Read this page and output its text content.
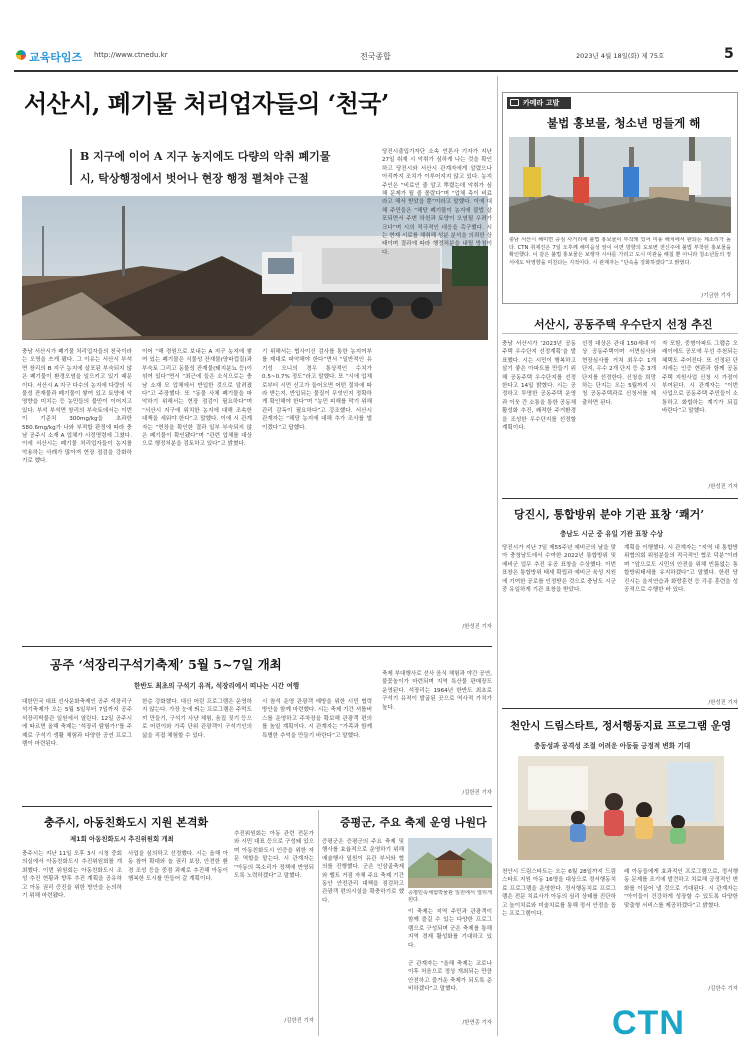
교육타임즈 http://www.ctnedu.kr	전국종합	2023년 4월 18일(화) 제 75호	5
서산시, 폐기물 처리업자들의 ‘천국’
B 지구에 이어 A 지구 농지에도 다량의 악취 폐기물
시, 탁상행정에서 벗어나 현장 행정 펼쳐야 근절
충남 서산시가 폐기물 처리업자들의 천국이라는 오명을 쓰게 됐다. 그 이유는 서산시 부석면 창리의 B 지구 농지에 살포된 부숙되지 않은 폐기물이 환경오염을 일으키고 있기 때문이다. 서산시 A 지구 다수의 농지에 다량의 식물성 잔재물과 폐기물이 쌓여 있고 토양에 악영향을 미치는 등 농민들의 불만이 이어지고 있다. 부석 부석면 창리의 부숙토에서는 이번이 기준치 300mg/kg을 초과한 580.6mg/kg가 나와 부적합 판정에 따라 충남 공주시 소재 A 업체가 시정명령에 그쳤다. 이에 서산시는 폐기물 처리업자들이 농지를 악용하는 사례가 많아져 현장 점검을 강화하기로 했다.
이어 “해 경원으로 보내는 A 지구 농지에 쌓여 있는 폐기물은 식물성 잔재물(양파껍질)과 부숙토 그리고 동물성 잔재물(돼지분뇨 등)이 섞여 있다”면서 “최근에 들은 소식으로는 충남 소재 모 업체에서 반입한 것으로 알려졌다”고 주장했다. 또 “동물 사체 폐기물을 파악하기 위해서는 현장 점검이 필요하다”며 “서산시 지구에 위치한 농지에 대해 조속한 대책을 세워야 한다”고 말했다. 이에 시 관계자는 “현장을 확인한 결과 일부 부숙되지 않은 폐기물이 확인됐다”며 “관련 업체를 대상으로 행정처분을 검토하고 있다”고 밝혔다.
기 위해서는 협사이신 검사를 통한 농지여부를 제대로 파악해야 한다”면서 “일반적인 유기성 오니의 경우 통상적인 수치가 0.5~0.7% 정도”라고 말했다. 또 “시에 업체로부터 시먼 신고가 들어오면 어떤 절차에 따라 받는지, 반입되는 물질이 무엇인지 정확하게 확인해야 한다”며 “농민 피해를 막기 위해 관리 감독이 필요하다”고 강조했다. 서산시 관계자는 “해당 농지에 대해 추가 조사를 벌이겠다”고 답했다.
당진시출입기자단 소속 언론사 기자가 지난 27일 취재 시 악취가 심하게 나는 것을 확인하고 당진시와 서산시 관계자에게 알렸으나 아직까지 조치가 이루어지지 않고 있다. 농지 주인은 “비료인 줄 알고 뿌렸는데 악취가 심해 문제가 될 줄 몰랐다”며 “업체 측이 비료라고 해서 받았을 뿐”이라고 말했다. 이에 대해 주민들은 “해당 폐기물이 농지에 불법 살포되면서 주변 하천과 토양이 오염될 우려가 크다”며 시의 적극적인 대응을 촉구했다. 시는 현재 시료를 채취해 성분 분석을 의뢰한 상태이며 결과에 따라 행정처분을 내릴 방침이다.
/한성진 기자
카메라 고발
불법 홍보물, 청소년 멍들게 해
충남 서산시 해미면 중심 사거리에 불법 홍보물이 부착돼 있어 미풍 해치에서 완되는 제소리가 높다. CTN 취재진은 7일 오후께 해미읍성 앞이 이면 방향의 도로변 전신주에 불법 부착된 홍보물을 확인했다. 이 같은 불법 홍보물은 보행자 시야를 가리고 도시 미관을 해칠 뿐 아니라 청소년들의 정서에도 악영향을 미친다는 지적이다. 시 관계자는 “단속을 강화하겠다”고 밝혔다.
/기금한 기자
서산시, 공동주택 우수단지 선정 추진
충남 서산시가 ‘2023년 공동주택 우수단지 선정계획’을 발표했다. 시는 시민이 행복하고 살기 좋은 아파트를 만들기 위해 공동주택 우수단지를 선정한다고 14일 밝혔다. 시는 공정하고 투명한 공동주택 운영과 이웃 간 소통을 통한 공동체 활성화 추진, 쾌적한 주거환경을 조성한 우수단지를 선정할 계획이다.
선정 대상은 관내 150세대 이상 공동주택이며 서면심사와 현장심사를 거쳐 최우수 1개 단지, 우수 2개 단지 등 총 3개 단지를 선정한다. 신청을 희망하는 단지는 오는 5월까지 시청 공동주택과로 신청서를 제출하면 된다.
자 포함, 중형아파트 그랩층 오래이에도 공모에 우선 추천되는 혜택도 주어진다. 또 선정된 단지에는 인증 현판과 함께 공동주택 지원사업 신청 시 가점이 부여된다. 시 관계자는 “이번 사업으로 공동주택 주민들이 소통하고 화합하는 계기가 되길 바란다”고 말했다.
/한성진 기자
당진시, 통합방위 분야 기관 표창 ‘쾌거’
충남도 시군 중 유일 기관 표창 수상
당진시가 지난 7일 제55주년 예비군의 날을 맞아 충청남도에서 수여한 2022년 통합방위 및 예비군 업무 추진 유공 표창을 수상했다. 이번 표창은 통합방위 태세 확립과 예비군 육성 지원에 기여한 공로를 인정받은 것으로 충남도 시군 중 유일하게 기관 표창을 받았다.
계획을 이행했다. 시 관계자는 “지역 내 통합방위협의회 위원분들의 적극적인 협조 덕분”이라며 “앞으로도 시민의 안전을 위해 빈틈없는 통합방위태세를 유지하겠다”고 말했다. 한편 당진시는 을지연습과 화랑훈련 등 각종 훈련을 성공적으로 수행한 바 있다.
/한성진 기자
공주 ‘석장리구석기축제’ 5월 5~7일 개최
한반도 최초의 구석기 유적, 석장리에서 떠나는 시간 여행
대한민국 대표 선사문화축제인 공주 석장리구석기축제가 오는 5월 5일부터 7일까지 공주석장리박물관 일원에서 열린다. 12일 공주시에 따르면 올해 축제는 ‘석장리 탐험가!’를 주제로 구석기 생활 체험과 다양한 공연 프로그램이 마련된다.
한층 강화했다. 대신 어린 프로그램은 운영하지 않는다. 가장 눈에 띄는 프로그램은 주먹도끼 만들기, 구석기 사냥 체험, 움집 짓기 등으로 어린이와 가족 단위 관광객이 구석기인의 삶을 직접 체험할 수 있다.
시 참석 운영 관광객 예방을 위한 시민 협력 방안을 함께 마련했다. 시는 축제 기간 셔틀버스를 운영하고 주차장을 확보해 관광객 편의를 높일 계획이다. 시 관계자는 “가족과 함께 특별한 추억을 만들기 바란다”고 말했다.
축제 부대행사로 선사 음식 체험과 야간 공연, 불꽃놀이가 마련되며 지역 특산물 판매장도 운영된다. 석장리는 1964년 한반도 최초로 구석기 유적이 발굴된 곳으로 역사적 가치가 높다.
/김한진 기자
천안시 드림스타트, 정서행동지료 프로그램 운영
충동성과 공격성 조절 어려운 아동들 긍정적 변화 기대
천안시 드림스타트는 오는 6월 28일까지 드림스타트 지원 아동 16명을 대상으로 정서행동치료 프로그램을 운영한다. 정서행동치료 프로그램은 전문 치료사가 아동의 심리 상태를 진단하고 놀이치료와 미술치료를 통해 정서 안정을 돕는 프로그램이다.
래 아동들에게 효과적인 프로그램으로, 정서행동 문제를 조기에 발견하고 치료해 긍정적인 변화를 이끌어 낼 것으로 기대된다. 시 관계자는 “아이들이 건강하게 성장할 수 있도록 다양한 맞춤형 서비스를 제공하겠다”고 밝혔다.
/김한수 기자
충주시, 아동친화도시 지원 본격화
제1회 아동친화도시 추진위원회 개최
충주시는 지난 11일 오후 3시 시청 중회의실에서 아동친화도시 추진위원회를 개최했다. 이번 위원회는 아동친화도시 조성 추진 현황과 향후 추진 계획을 공유하고 아동 권리 증진을 위한 방안을 논의하기 위해 마련됐다.
사업을 심의하고 선정했다. 시는 올해 아동 참여 확대와 놀 권리 보장, 안전한 환경 조성 등을 중점 과제로 추진해 아동이 행복한 도시를 만들어 갈 계획이다.
추진위원회는 아동 관련 전문가와 시민 대표 등으로 구성돼 있으며 아동친화도시 인증을 위한 자문 역할을 맡는다. 시 관계자는 “아동의 목소리가 정책에 반영되도록 노력하겠다”고 말했다.
/김한진 기자
증평군, 주요 축제 운영 나원다
증평군은 증평군의 주요 축제 및 행사를 효율적으로 운영하기 위해 예술행사 일원이 유관 부서와 협의를 진행했다. 군은 인삼골축제와 벨트 거점 자체 주요 축제 기간 동안 안전관리 대책을 점검하고 관광객 편의시설을 확충하기로 했다.
증평민속체험박물관 일원에서 열리게 된다.
이 축제는 지역 주민과 관광객이 함께 즐길 수 있는 다양한 프로그램으로 구성되며 군은 축제를 통해 지역 경제 활성화를 기대하고 있다.
군 관계자는 “올해 축제는 코로나 이후 처음으로 정상 개최되는 만큼 안전하고 즐거운 축제가 되도록 준비하겠다”고 말했다.
/한연종 기자	CTN
